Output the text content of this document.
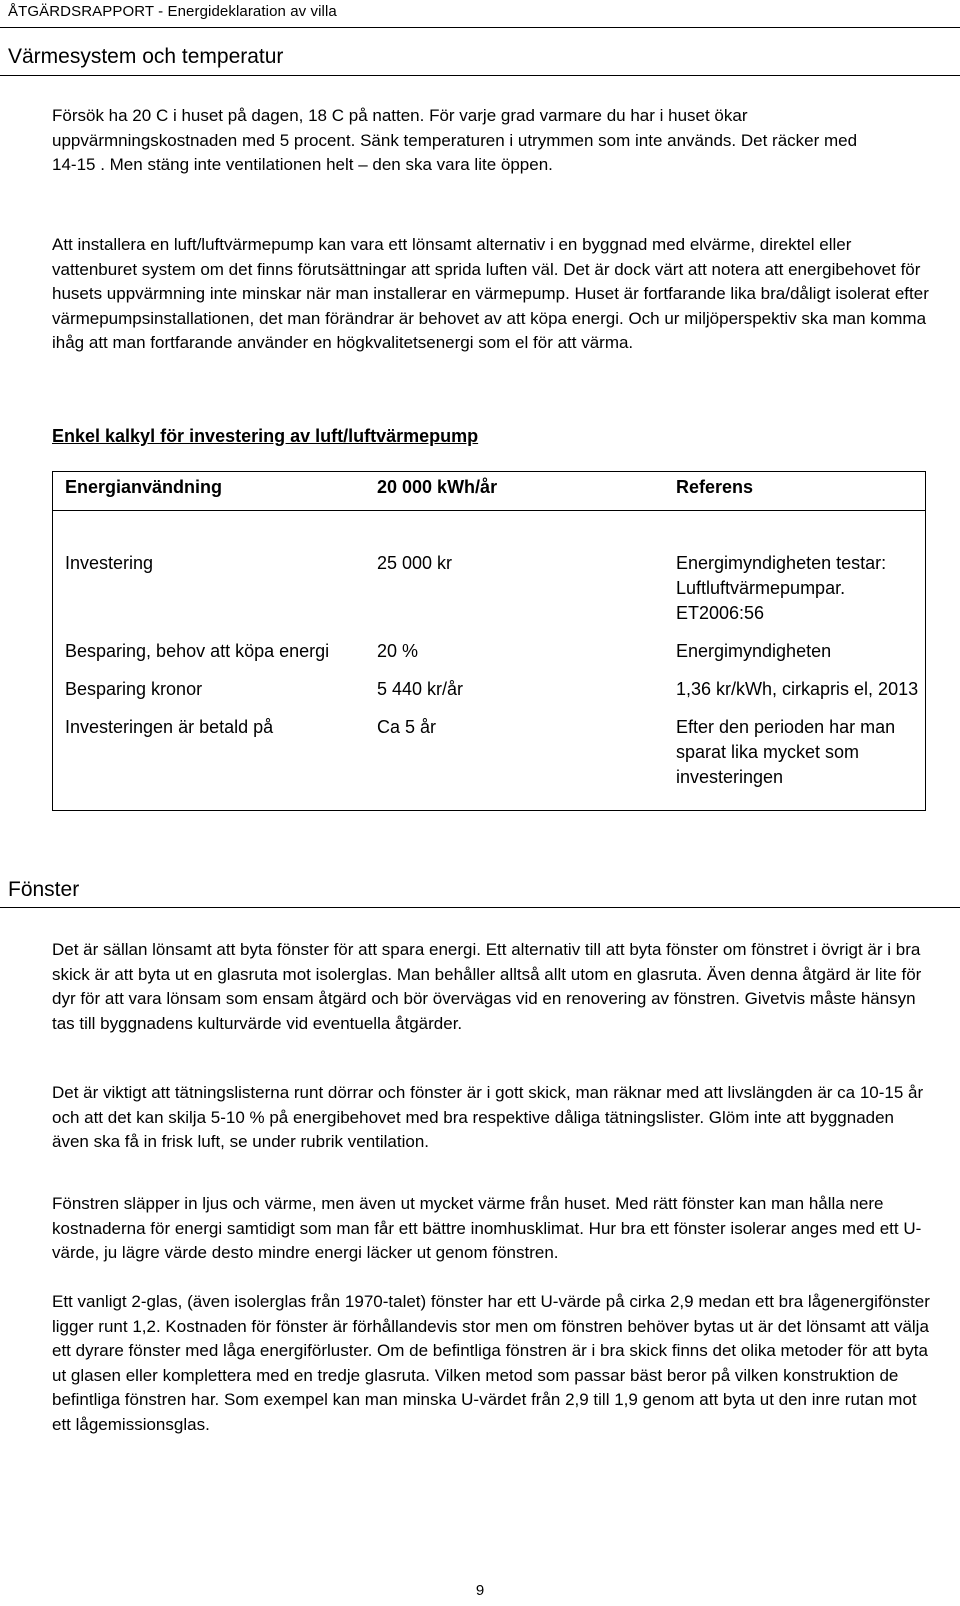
ÅTGÄRDSRAPPORT - Energideklaration av villa
Värmesystem och temperatur

Försök ha 20 C i huset på dagen, 18 C på natten. För varje grad varmare du har i huset ökar uppvärmningskostnaden med 5 procent. Sänk temperaturen i utrymmen som inte används. Det räcker med 14-15 . Men stäng inte ventilationen helt – den ska vara lite öppen.

Att installera en luft/luftvärmepump kan vara ett lönsamt alternativ i en byggnad med elvärme, direktel eller vattenburet system om det finns förutsättningar att sprida luften väl. Det är dock värt att notera att energibehovet för husets uppvärmning inte minskar när man installerar en värmepump. Huset är fortfarande lika bra/dåligt isolerat efter värmepumpsinstallationen, det man förändrar är behovet av att köpa energi. Och ur miljöperspektiv ska man komma ihåg att man fortfarande använder en högkvalitetsenergi som el för att värma.

Enkel kalkyl för investering av luft/luftvärmepump

Energianvändning	20 000 kWh/år	Referens
Investering	25 000 kr	Energimyndigheten testar: Luftluftvärmepumpar. ET2006:56
Besparing, behov att köpa energi	20 %	Energimyndigheten
Besparing kronor	5 440 kr/år	1,36 kr/kWh, cirkapris el, 2013
Investeringen är betald på	Ca 5 år	Efter den perioden har man sparat lika mycket som investeringen
Fönster

Det är sällan lönsamt att byta fönster för att spara energi. Ett alternativ till att byta fönster om fönstret i övrigt är i bra skick är att byta ut en glasruta mot isolerglas. Man behåller alltså allt utom en glasruta. Även denna åtgärd är lite för dyr för att vara lönsam som ensam åtgärd och bör övervägas vid en renovering av fönstren. Givetvis måste hänsyn tas till byggnadens kulturvärde vid eventuella åtgärder.

Det är viktigt att tätningslisterna runt dörrar och fönster är i gott skick, man räknar med att livslängden är ca 10-15 år och att det kan skilja 5-10 % på energibehovet med bra respektive dåliga tätningslister. Glöm inte att byggnaden även ska få in frisk luft, se under rubrik ventilation.

Fönstren släpper in ljus och värme, men även ut mycket värme från huset. Med rätt fönster kan man hålla nere kostnaderna för energi samtidigt som man får ett bättre inomhusklimat. Hur bra ett fönster isolerar anges med ett U-värde, ju lägre värde desto mindre energi läcker ut genom fönstren.

Ett vanligt 2-glas, (även isolerglas från 1970-talet) fönster har ett U-värde på cirka 2,9 medan ett bra lågenergifönster ligger runt 1,2. Kostnaden för fönster är förhållandevis stor men om fönstren behöver bytas ut är det lönsamt att välja ett dyrare fönster med låga energiförluster. Om de befintliga fönstren är i bra skick finns det olika metoder för att byta ut glasen eller komplettera med en tredje glasruta. Vilken metod som passar bäst beror på vilken konstruktion de befintliga fönstren har. Som exempel kan man minska U-värdet från 2,9 till 1,9 genom att byta ut den inre rutan mot ett lågemissionsglas.

9
